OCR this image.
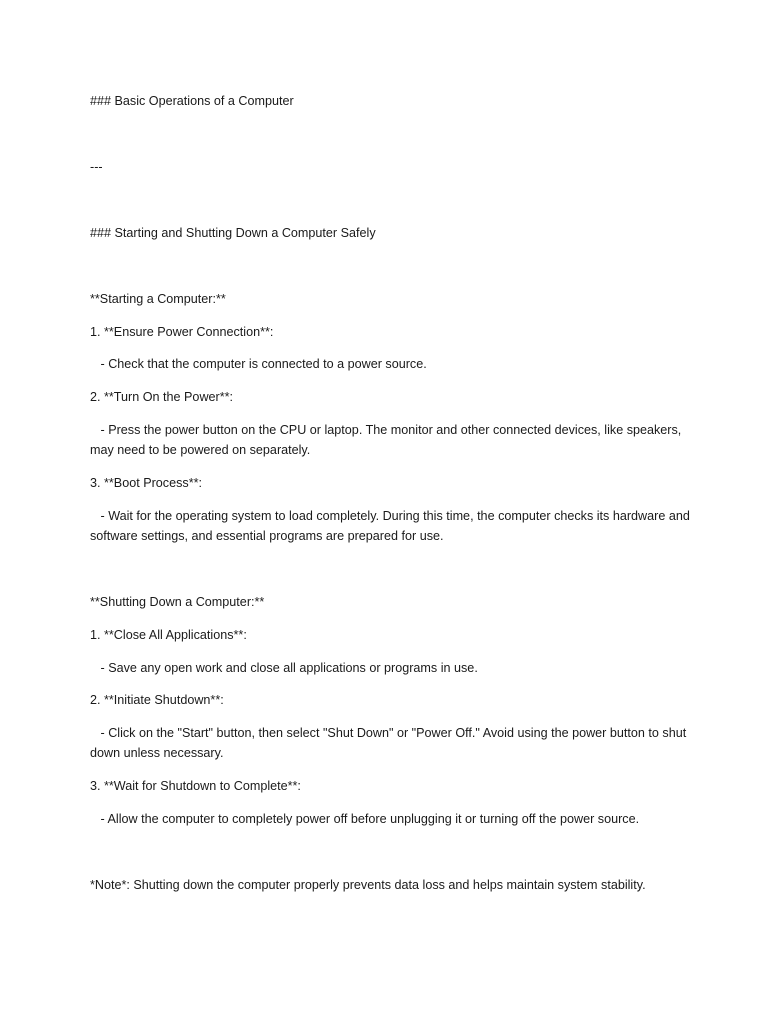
### Basic Operations of a Computer

---

### Starting and Shutting Down a Computer Safely

**Starting a Computer:**

1. **Ensure Power Connection**:

- Check that the computer is connected to a power source.

2. **Turn On the Power**:

- Press the power button on the CPU or laptop. The monitor and other connected devices, like speakers, may need to be powered on separately.

3. **Boot Process**:

- Wait for the operating system to load completely. During this time, the computer checks its hardware and software settings, and essential programs are prepared for use.

**Shutting Down a Computer:**

1. **Close All Applications**:

- Save any open work and close all applications or programs in use.

2. **Initiate Shutdown**:

- Click on the "Start" button, then select "Shut Down" or "Power Off." Avoid using the power button to shut down unless necessary.

3. **Wait for Shutdown to Complete**:

- Allow the computer to completely power off before unplugging it or turning off the power source.

*Note*: Shutting down the computer properly prevents data loss and helps maintain system stability.
